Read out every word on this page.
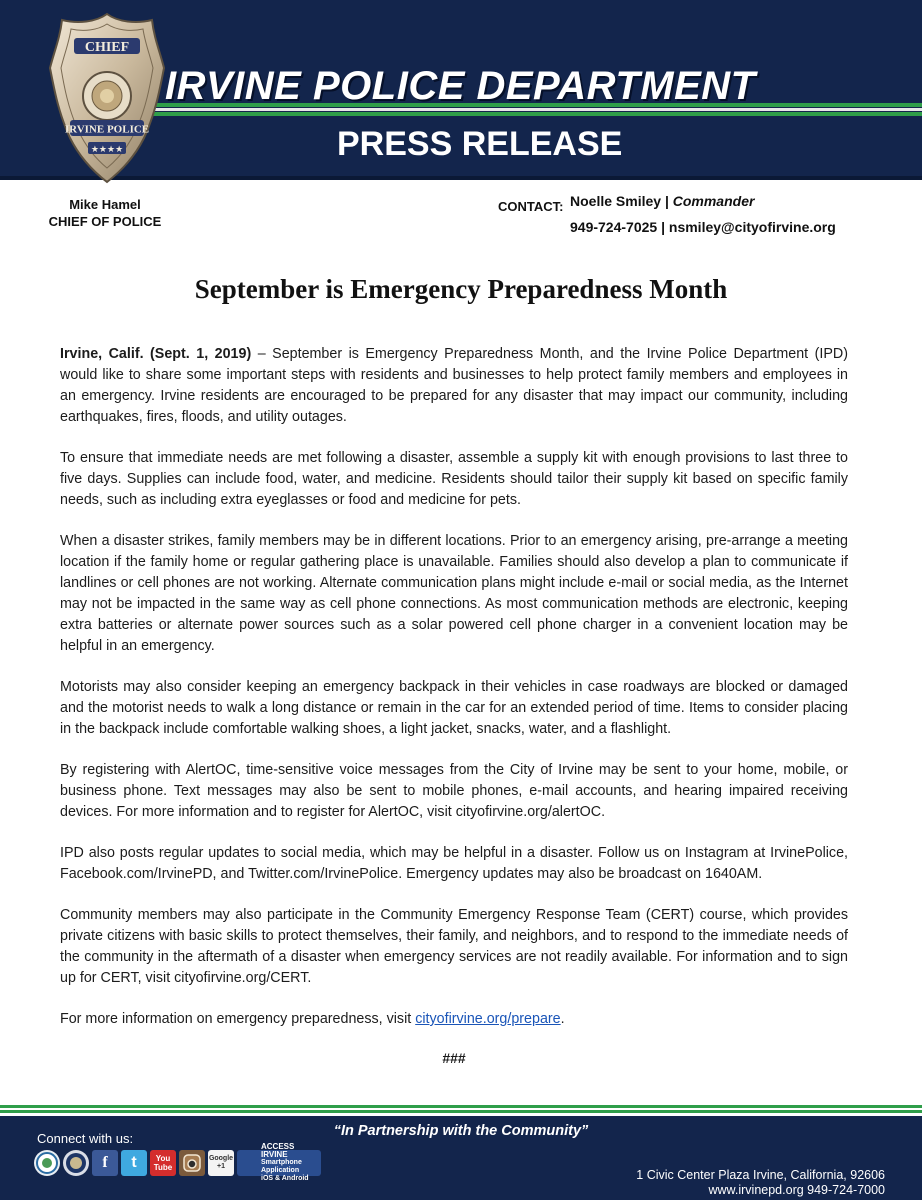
IRVINE POLICE DEPARTMENT
PRESS RELEASE
CHIEF
IRVINE POLICE
★★★★
Mike Hamel
CHIEF OF POLICE
CONTACT: Noelle Smiley | Commander
949-724-7025 | nsmiley@cityofirvine.org
September is Emergency Preparedness Month

Irvine, Calif. (Sept. 1, 2019) – September is Emergency Preparedness Month, and the Irvine Police Department (IPD) would like to share some important steps with residents and businesses to help protect family members and employees in an emergency. Irvine residents are encouraged to be prepared for any disaster that may impact our community, including earthquakes, fires, floods, and utility outages.

To ensure that immediate needs are met following a disaster, assemble a supply kit with enough provisions to last three to five days. Supplies can include food, water, and medicine. Residents should tailor their supply kit based on specific family needs, such as including extra eyeglasses or food and medicine for pets.

When a disaster strikes, family members may be in different locations. Prior to an emergency arising, pre-arrange a meeting location if the family home or regular gathering place is unavailable. Families should also develop a plan to communicate if landlines or cell phones are not working. Alternate communication plans might include e-mail or social media, as the Internet may not be impacted in the same way as cell phone connections. As most communication methods are electronic, keeping extra batteries or alternate power sources such as a solar powered cell phone charger in a convenient location may be helpful in an emergency.

Motorists may also consider keeping an emergency backpack in their vehicles in case roadways are blocked or damaged and the motorist needs to walk a long distance or remain in the car for an extended period of time. Items to consider placing in the backpack include comfortable walking shoes, a light jacket, snacks, water, and a flashlight.

By registering with AlertOC, time-sensitive voice messages from the City of Irvine may be sent to your home, mobile, or business phone. Text messages may also be sent to mobile phones, e-mail accounts, and hearing impaired receiving devices. For more information and to register for AlertOC, visit cityofirvine.org/alertOC.

IPD also posts regular updates to social media, which may be helpful in a disaster. Follow us on Instagram at IrvinePolice, Facebook.com/IrvinePD, and Twitter.com/IrvinePolice. Emergency updates may also be broadcast on 1640AM.

Community members may also participate in the Community Emergency Response Team (CERT) course, which provides private citizens with basic skills to protect themselves, their family, and neighbors, and to respond to the immediate needs of the community in the aftermath of a disaster when emergency services are not readily available. For information and to sign up for CERT, visit cityofirvine.org/CERT.

For more information on emergency preparedness, visit cityofirvine.org/prepare.

###
“In Partnership with the Community”
Connect with us:
f	t	You
Tube
Google
+1
ACCESS IRVINE
Smartphone Application
iOS & Android	1 Civic Center Plaza Irvine, California, 92606
www.irvinepd.org 949-724-7000
